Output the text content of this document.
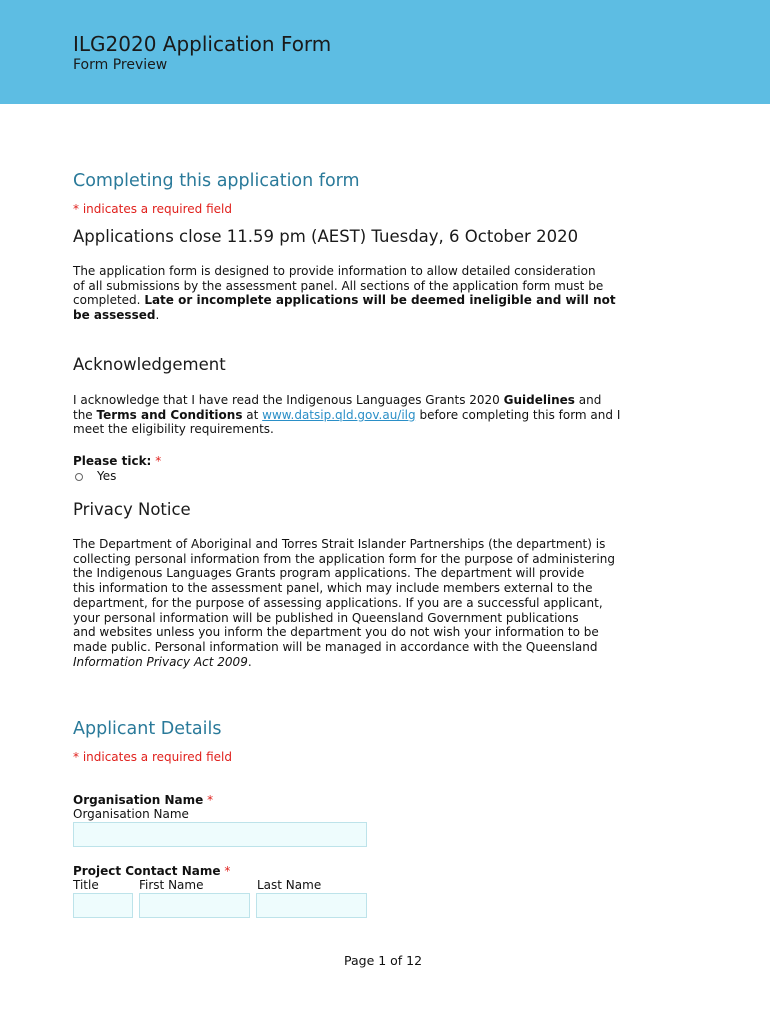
ILG2020 Application Form
Form Preview
Completing this application form
* indicates a required field
Applications close 11.59 pm (AEST) Tuesday, 6 October 2020
The application form is designed to provide information to allow detailed consideration
of all submissions by the assessment panel. All sections of the application form must be
completed. Late or incomplete applications will be deemed ineligible and will not
be assessed.
Acknowledgement
I acknowledge that I have read the Indigenous Languages Grants 2020 Guidelines and
the Terms and Conditions at www.datsip.qld.gov.au/ilg before completing this form and I
meet the eligibility requirements.
Please tick: *
Yes
Privacy Notice
The Department of Aboriginal and Torres Strait Islander Partnerships (the department) is
collecting personal information from the application form for the purpose of administering
the Indigenous Languages Grants program applications. The department will provide
this information to the assessment panel, which may include members external to the
department, for the purpose of assessing applications. If you are a successful applicant,
your personal information will be published in Queensland Government publications
and websites unless you inform the department you do not wish your information to be
made public. Personal information will be managed in accordance with the Queensland
Information Privacy Act 2009.
Applicant Details
* indicates a required field
Organisation Name *
Organisation Name
Project Contact Name *
Title	First Name	Last Name
Page 1 of 12
